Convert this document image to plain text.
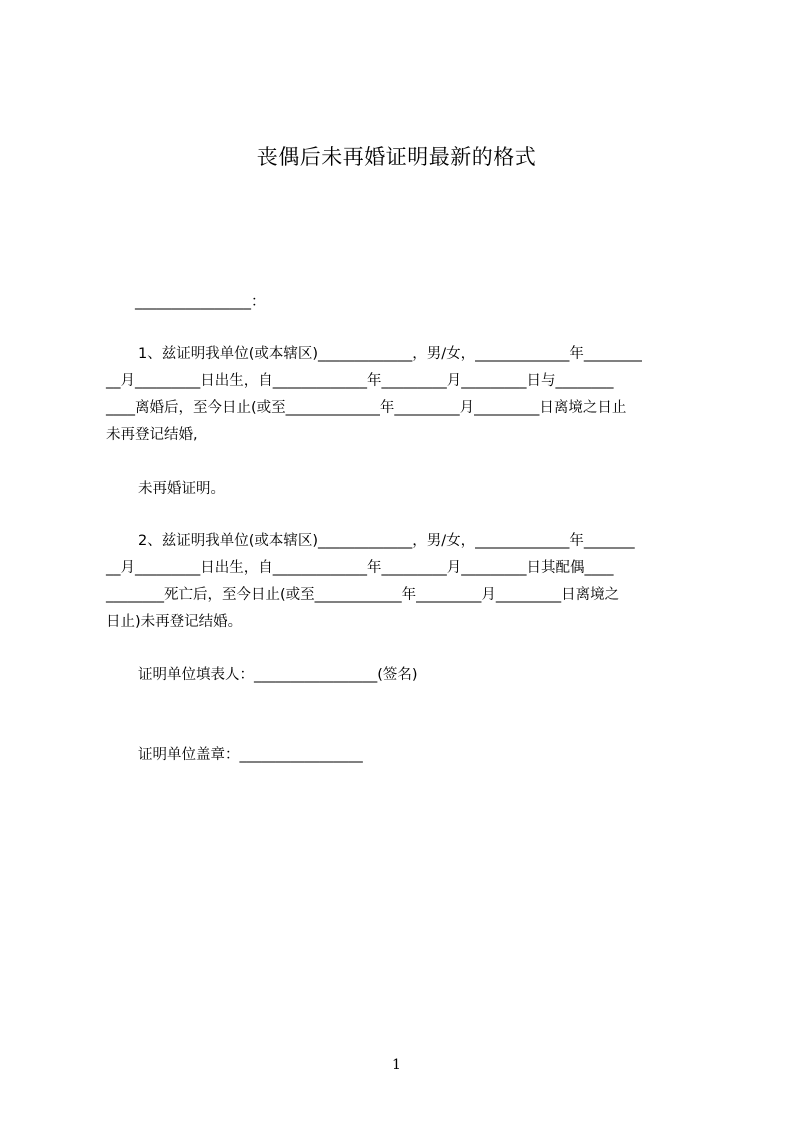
丧偶后未再婚证明最新的格式
________________：
1、兹证明我单位(或本辖区)_____________，男/女，_____________年________
__月_________日出生，自_____________年_________月_________日与________
____离婚后，至今日止(或至_____________年_________月_________日离境之日止
未再登记结婚,
未再婚证明。
2、兹证明我单位(或本辖区)_____________，男/女，_____________年_______
__月_________日出生，自_____________年_________月_________日其配偶____
________死亡后，至今日止(或至____________年_________月_________日离境之
日止)未再登记结婚。
证明单位填表人：_________________(签名)
证明单位盖章：_________________
1
